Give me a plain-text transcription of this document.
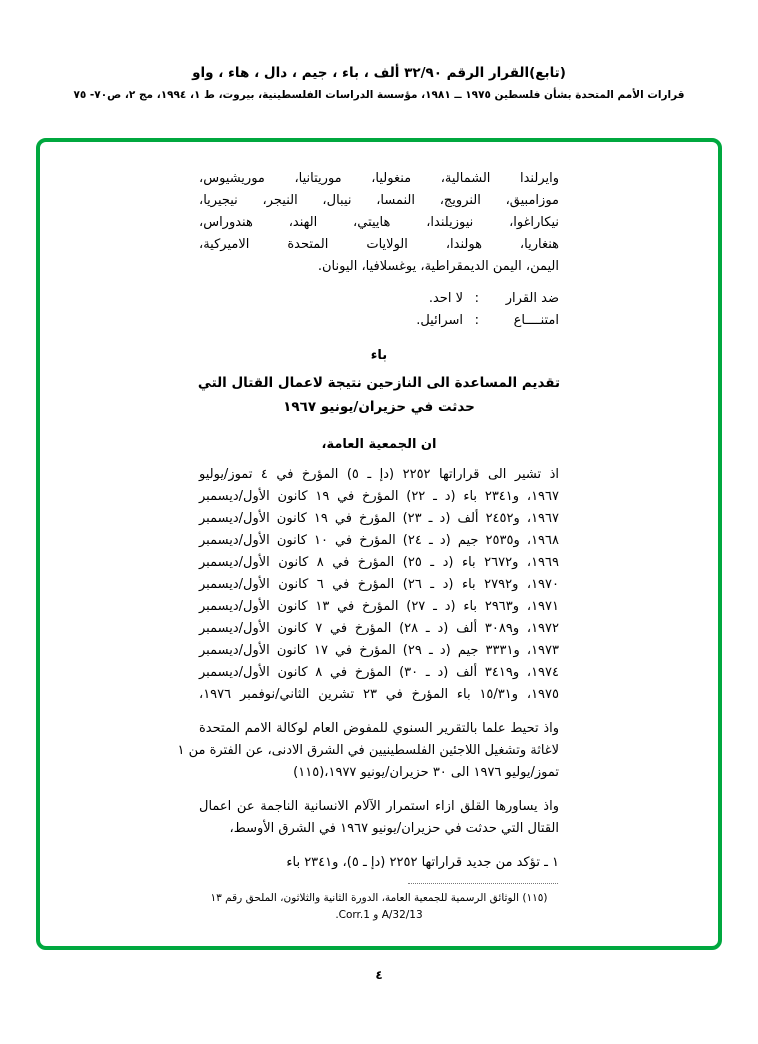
(تابع)القرار الرقم ٣٢/٩٠ ألف ، باء ، جيم ، دال ، هاء ، واو
قرارات الأمم المتحدة بشأن فلسطين ١٩٧٥ ــ ١٩٨١، مؤسسة الدراسات الفلسطينية، بيروت، ط ١، ١٩٩٤، مج ٢، ص٧٠- ٧٥
وايرلندا الشمالية، منغوليا، موريتانيا، موريشيوس،
موزامبيق، النرويج، النمسا، نيبال، النيجر، نيجيريا،
نيكاراغوا، نيوزيلندا، هاييتي، الهند، هندوراس،
هنغاريا، هولندا، الولايات المتحدة الاميركية،
اليمن، اليمن الديمقراطية، يوغسلافيا، اليونان.
ضد القرار
:
لا احد.
امتنــــاع
:
اسرائيل.
باء
تقديم المساعدة الى النازحين نتيجة لاعمال القتال التي
حدثت في حزيران/يونيو ١٩٦٧
ان الجمعية العامة،
اذ تشير الى قراراتها ٢٢٥٢ (دإ ـ ٥) المؤرخ في ٤ تموز/يوليو
١٩٦٧، و٢٣٤١ باء (د ـ ٢٢) المؤرخ في ١٩ كانون الأول/ديسمبر
١٩٦٧، و٢٤٥٢ ألف (د ـ ٢٣) المؤرخ في ١٩ كانون الأول/ديسمبر
١٩٦٨، و٢٥٣٥ جيم (د ـ ٢٤) المؤرخ في ١٠ كانون الأول/ديسمبر
١٩٦٩، و٢٦٧٢ باء (د ـ ٢٥) المؤرخ في ٨ كانون الأول/ديسمبر
١٩٧٠، و٢٧٩٢ باء (د ـ ٢٦) المؤرخ في ٦ كانون الأول/ديسمبر
١٩٧١، و٢٩٦٣ باء (د ـ ٢٧) المؤرخ في ١٣ كانون الأول/ديسمبر
١٩٧٢، و٣٠٨٩ ألف (د ـ ٢٨) المؤرخ في ٧ كانون الأول/ديسمبر
١٩٧٣، و٣٣٣١ جيم (د ـ ٢٩) المؤرخ في ١٧ كانون الأول/ديسمبر
١٩٧٤، و٣٤١٩ ألف (د ـ ٣٠) المؤرخ في ٨ كانون الأول/ديسمبر
١٩٧٥، و١٥/٣١ باء المؤرخ في ٢٣ تشرين الثاني/نوفمبر ١٩٧٦،
واذ تحيط علما بالتقرير السنوي للمفوض العام لوكالة الامم المتحدة
لاغاثة وتشغيل اللاجئين الفلسطينيين في الشرق الادنى، عن الفترة من ١
تموز/يوليو ١٩٧٦ الى ٣٠ حزيران/يونيو ١٩٧٧،(١١٥)
واذ يساورها القلق ازاء استمرار الآلام الانسانية الناجمة عن اعمال
القتال التي حدثت في حزيران/يونيو ١٩٦٧ في الشرق الأوسط،
١ ـ تؤكد من جديد قراراتها ٢٢٥٢ (دإ ـ ٥)، و٢٣٤١ باء
(١١٥) الوثائق الرسمية للجمعية العامة، الدورة الثانية والثلاثون، الملحق رقم ١٣
A/32/13 و Corr.1.
٤
